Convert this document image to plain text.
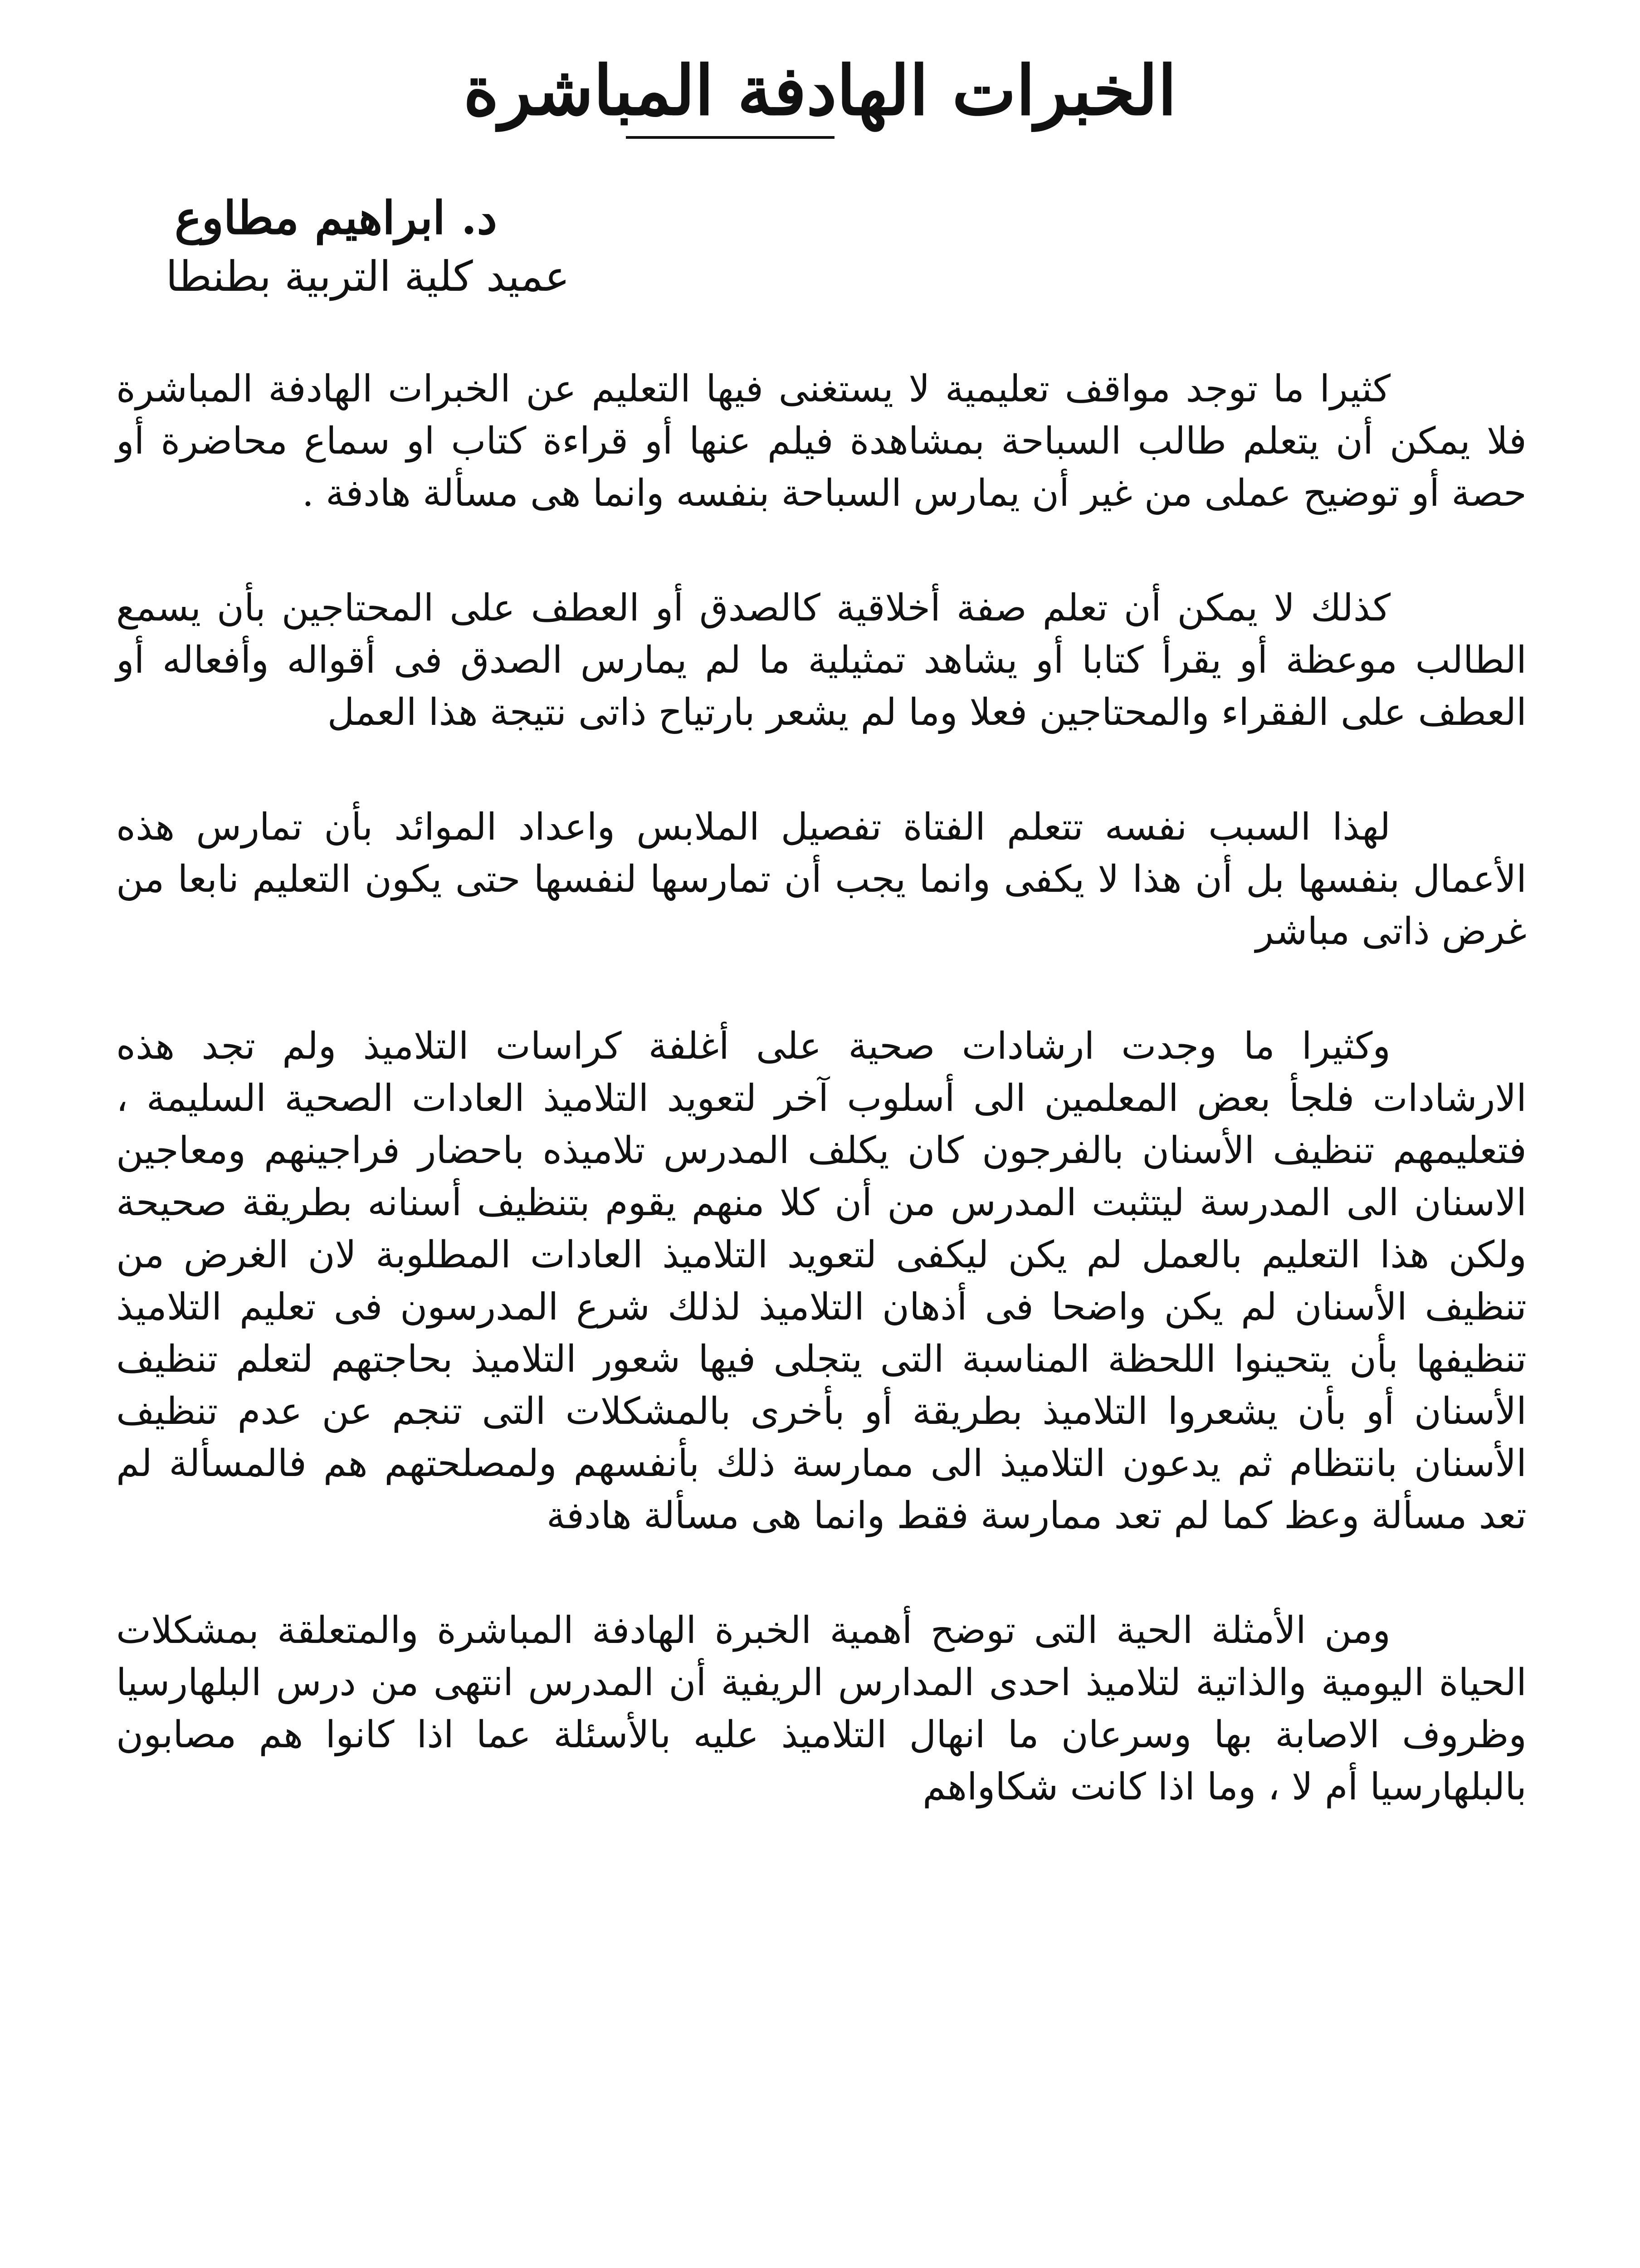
الخبرات الهادفة المباشرة
د. ابراهيم مطاوع
عميد كلية التربية بطنطا

كثيرا ما توجد مواقف تعليمية لا يستغنى فيها التعليم عن الخبرات الهادفة المباشرة فلا يمكن أن يتعلم طالب السباحة بمشاهدة فيلم عنها أو قراءة كتاب او سماع محاضرة أو حصة أو توضيح عملى من غير أن يمارس السباحة بنفسه وانما هى مسألة هادفة .

كذلك لا يمكن أن تعلم صفة أخلاقية كالصدق أو العطف على المحتاجين بأن يسمع الطالب موعظة أو يقرأ كتابا أو يشاهد تمثيلية ما لم يمارس الصدق فى أقواله وأفعاله أو العطف على الفقراء والمحتاجين فعلا وما لم يشعر بارتياح ذاتى نتيجة هذا العمل

لهذا السبب نفسه تتعلم الفتاة تفصيل الملابس واعداد الموائد بأن تمارس هذه الأعمال بنفسها بل أن هذا لا يكفى وانما يجب أن تمارسها لنفسها حتى يكون التعليم نابعا من غرض ذاتى مباشر

وكثيرا ما وجدت ارشادات صحية على أغلفة كراسات التلاميذ ولم تجد هذه الارشادات فلجأ بعض المعلمين الى أسلوب آخر لتعويد التلاميذ العادات الصحية السليمة ، فتعليمهم تنظيف الأسنان بالفرجون كان يكلف المدرس تلاميذه باحضار فراجينهم ومعاجين الاسنان الى المدرسة ليتثبت المدرس من أن كلا منهم يقوم بتنظيف أسنانه بطريقة صحيحة ولكن هذا التعليم بالعمل لم يكن ليكفى لتعويد التلاميذ العادات المطلوبة لان الغرض من تنظيف الأسنان لم يكن واضحا فى أذهان التلاميذ لذلك شرع المدرسون فى تعليم التلاميذ تنظيفها بأن يتحينوا اللحظة المناسبة التى يتجلى فيها شعور التلاميذ بحاجتهم لتعلم تنظيف الأسنان أو بأن يشعروا التلاميذ بطريقة أو بأخرى بالمشكلات التى تنجم عن عدم تنظيف الأسنان بانتظام ثم يدعون التلاميذ الى ممارسة ذلك بأنفسهم ولمصلحتهم هم فالمسألة لم تعد مسألة وعظ كما لم تعد ممارسة فقط وانما هى مسألة هادفة

ومن الأمثلة الحية التى توضح أهمية الخبرة الهادفة المباشرة والمتعلقة بمشكلات الحياة اليومية والذاتية لتلاميذ احدى المدارس الريفية أن المدرس انتهى من درس البلهارسيا وظروف الاصابة بها وسرعان ما انهال التلاميذ عليه بالأسئلة عما اذا كانوا هم مصابون بالبلهارسيا أم لا ، وما اذا كانت شكاواهم
